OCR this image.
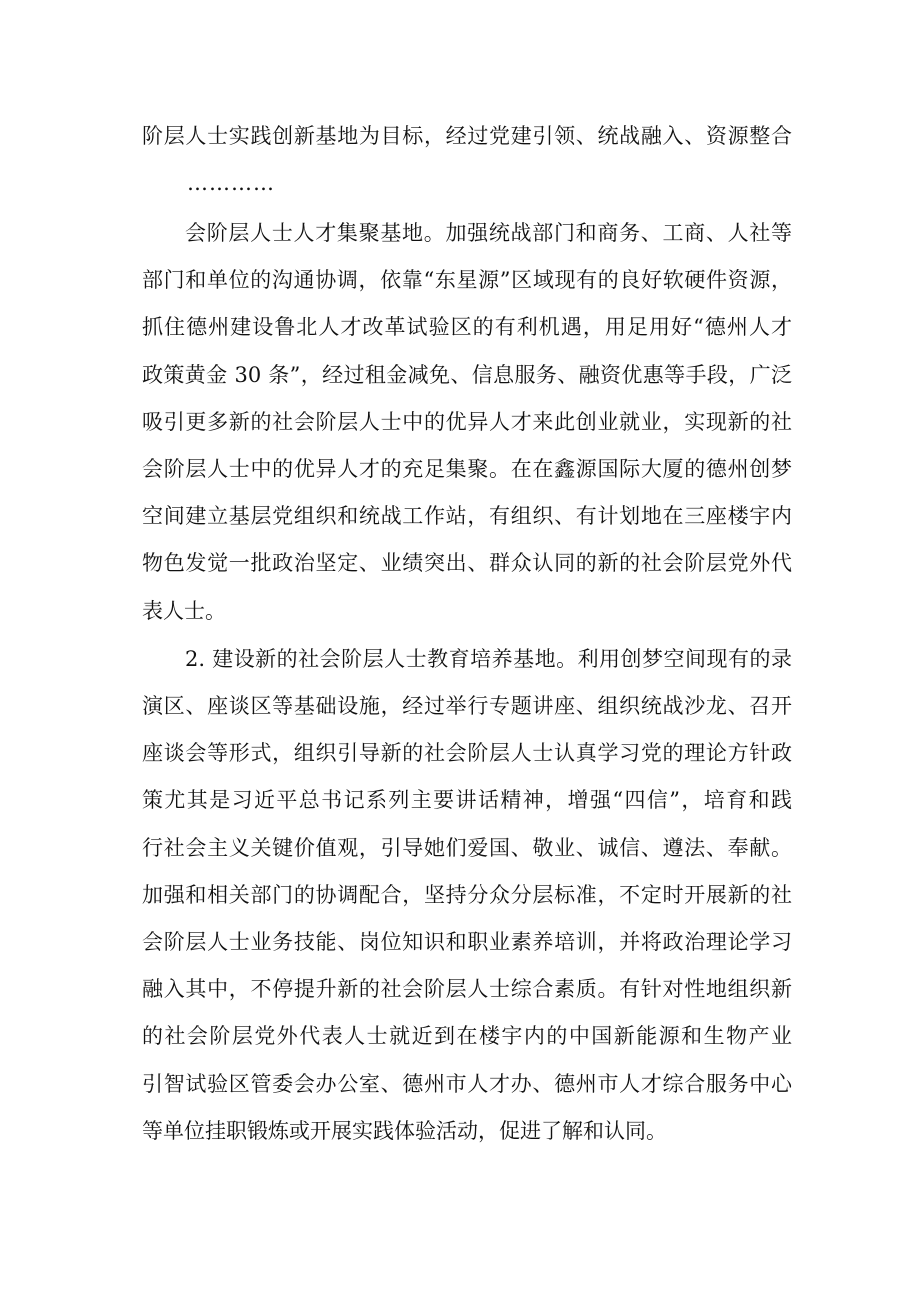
阶层人士实践创新基地为目标，经过党建引领、统战融入、资源整合
…………
会阶层人士人才集聚基地。加强统战部门和商务、工商、人社等
部门和单位的沟通协调，依靠“东星源”区域现有的良好软硬件资源，
抓住德州建设鲁北人才改革试验区的有利机遇，用足用好“德州人才
政策黄金 30 条”，经过租金减免、信息服务、融资优惠等手段，广泛
吸引更多新的社会阶层人士中的优异人才来此创业就业，实现新的社
会阶层人士中的优异人才的充足集聚。在在鑫源国际大厦的德州创梦
空间建立基层党组织和统战工作站，有组织、有计划地在三座楼宇内
物色发觉一批政治坚定、业绩突出、群众认同的新的社会阶层党外代
表人士。
2. 建设新的社会阶层人士教育培养基地。利用创梦空间现有的录
演区、座谈区等基础设施，经过举行专题讲座、组织统战沙龙、召开
座谈会等形式，组织引导新的社会阶层人士认真学习党的理论方针政
策尤其是习近平总书记系列主要讲话精神，增强“四信”，培育和践
行社会主义关键价值观，引导她们爱国、敬业、诚信、遵法、奉献。
加强和相关部门的协调配合，坚持分众分层标准，不定时开展新的社
会阶层人士业务技能、岗位知识和职业素养培训，并将政治理论学习
融入其中，不停提升新的社会阶层人士综合素质。有针对性地组织新
的社会阶层党外代表人士就近到在楼宇内的中国新能源和生物产业
引智试验区管委会办公室、德州市人才办、德州市人才综合服务中心
等单位挂职锻炼或开展实践体验活动，促进了解和认同。
